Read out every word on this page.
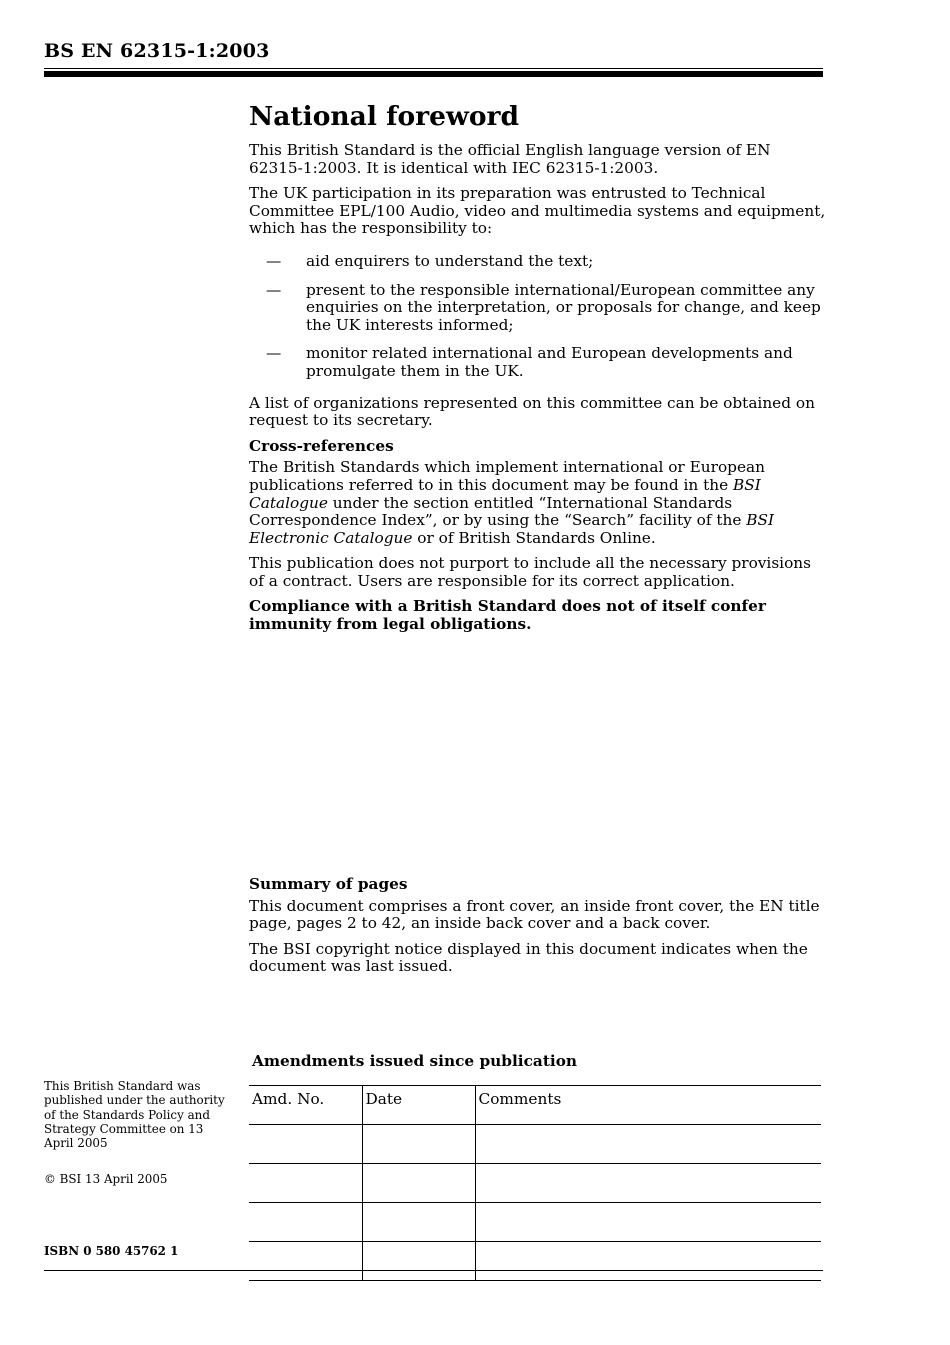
BS EN 62315-1:2003
National foreword

This British Standard is the official English language version of EN 62315-1:2003. It is identical with IEC 62315-1:2003.

The UK participation in its preparation was entrusted to Technical Committee EPL/100 Audio, video and multimedia systems and equipment, which has the responsibility to:

— aid enquirers to understand the text;
— present to the responsible international/European committee any enquiries on the interpretation, or proposals for change, and keep the UK interests informed;
— monitor related international and European developments and promulgate them in the UK.

A list of organizations represented on this committee can be obtained on request to its secretary.

Cross-references

The British Standards which implement international or European publications referred to in this document may be found in the BSI Catalogue under the section entitled “International Standards Correspondence Index”, or by using the “Search” facility of the BSI Electronic Catalogue or of British Standards Online.

This publication does not purport to include all the necessary provisions of a contract. Users are responsible for its correct application.

Compliance with a British Standard does not of itself confer immunity from legal obligations.

Summary of pages

This document comprises a front cover, an inside front cover, the EN title page, pages 2 to 42, an inside back cover and a back cover.

The BSI copyright notice displayed in this document indicates when the document was last issued.

Amendments issued since publication
Amd. No.	Date	Comments

This British Standard was published under the authority of the Standards Policy and Strategy Committee on 13 April 2005
© BSI 13 April 2005
ISBN 0 580 45762 1
